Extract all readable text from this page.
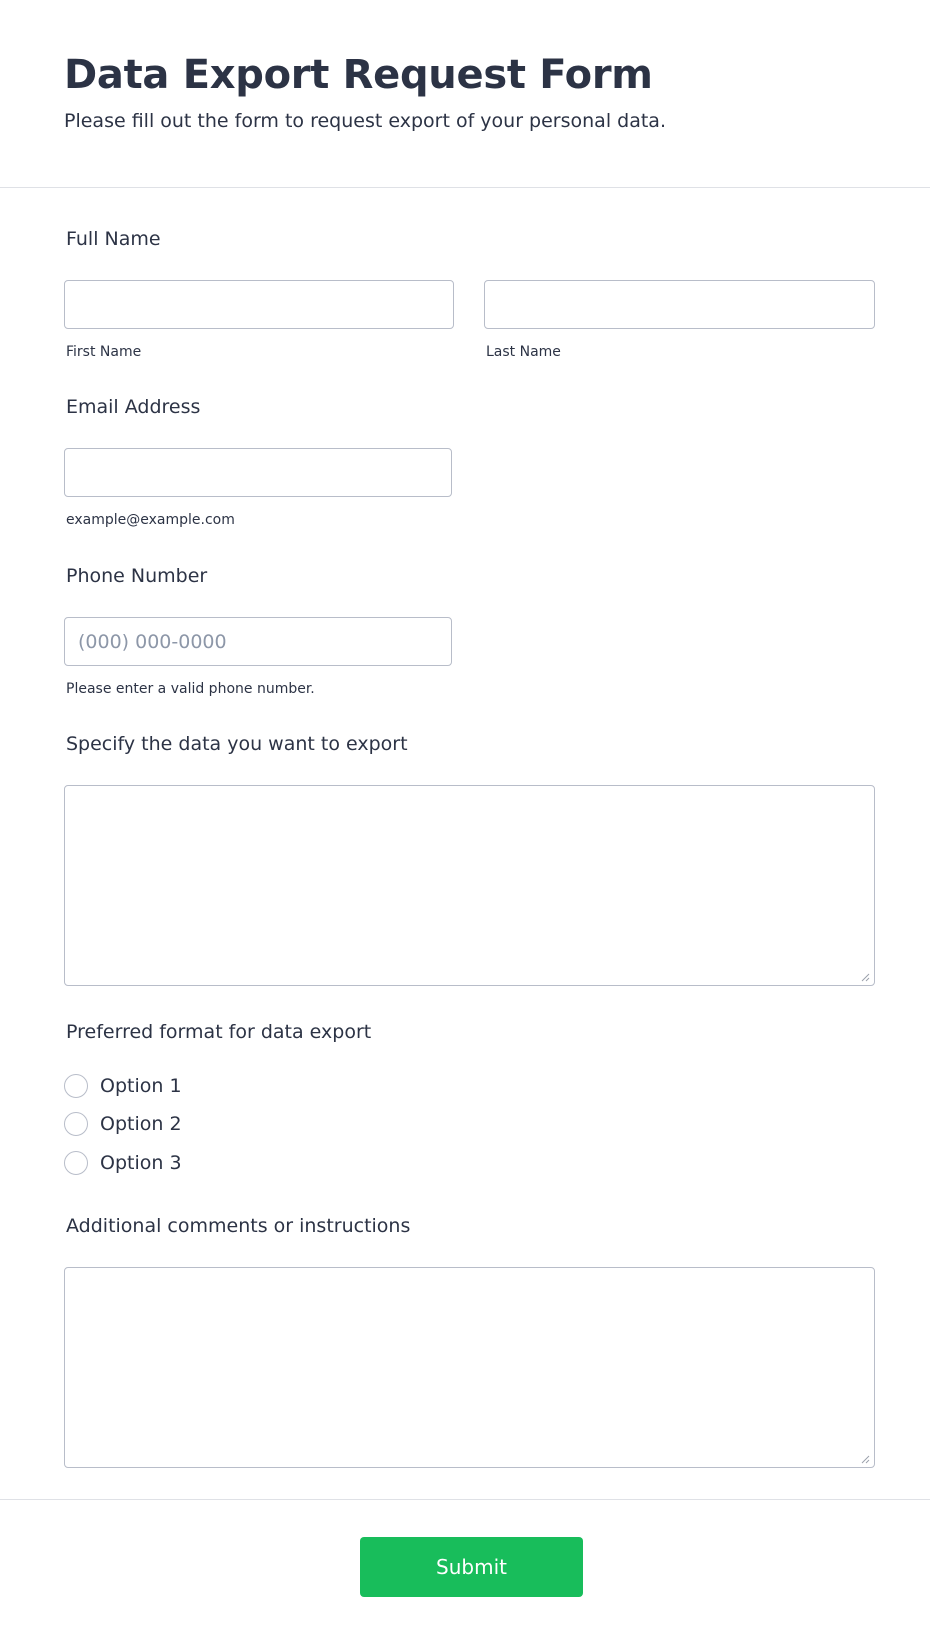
Data Export Request Form

Please fill out the form to request export of your personal data.

Full Name
First Name	Last Name
Email Address
example@example.com
Phone Number
(000) 000-0000
Please enter a valid phone number.
Specify the data you want to export
Preferred format for data export
Option 1
Option 2
Option 3
Additional comments or instructions
Submit
